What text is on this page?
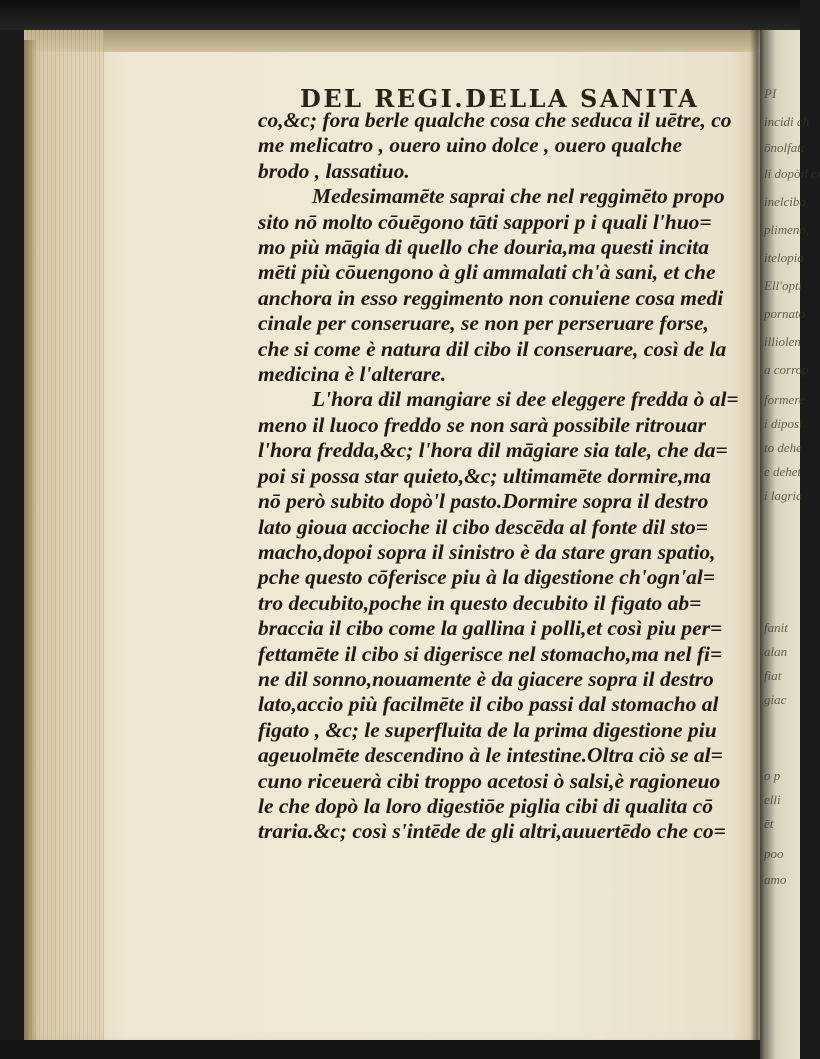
DEL REGI.DELLA SANITA
co,&c; fora berle qualche cosa che seduca il uētre, co
me melicatro , ouero uino dolce , ouero qualche
brodo , lassatiuo.
Medesimamēte saprai che nel reggimēto propo
sito nō molto cōuēgono tāti sappori p i quali l'huo=
mo più māgia di quello che douria,ma questi incita
mēti più cōuengono à gli ammalati ch'à sani, et che
anchora in esso reggimento non conuiene cosa medi
cinale per conseruare, se non per perseruare forse,
che si come è natura dil cibo il conseruare, così de la
medicina è l'alterare.
L'hora dil mangiare si dee eleggere fredda ò al=
meno il luoco freddo se non sarà possibile ritrouar
l'hora fredda,&c; l'hora dil māgiare sia tale, che da=
poi si possa star quieto,&c; ultimamēte dormire,ma
nō però subito dopò'l pasto.Dormire sopra il destro
lato gioua accioche il cibo descēda al fonte dil sto=
macho,dopoi sopra il sinistro è da stare gran spatio,
pche questo cōferisce piu à la digestione ch'ogn'al=
tro decubito,poche in questo decubito il figato ab=
braccia il cibo come la gallina i polli,et così piu per=
fettamēte il cibo si digerisce nel stomacho,ma nel fi=
ne dil sonno,nouamente è da giacere sopra il destro
lato,accio più facilmēte il cibo passi dal stomacho al
figato , &c; le superfluita de la prima digestione piu
ageuolmēte descendino à le intestine.Oltra ciò se al=
cuno riceuerà cibi troppo acetosi ò salsi,è ragioneuo
le che dopò la loro digestiōe piglia cibi di qualita cō
traria.&c; così s'intēde de gli altri,auuertēdo che co=
PI
incidi ch
ōnolfatt
li dopòil ci
inelcibo
plimeno,
itelopia
Ell'opti
pornato
illiolen
a corrop
formere
i diposi
to dehe
e dehet
i lagria
fanit
alan
fiat
giac
o p
elli
ēt
poo
amo
